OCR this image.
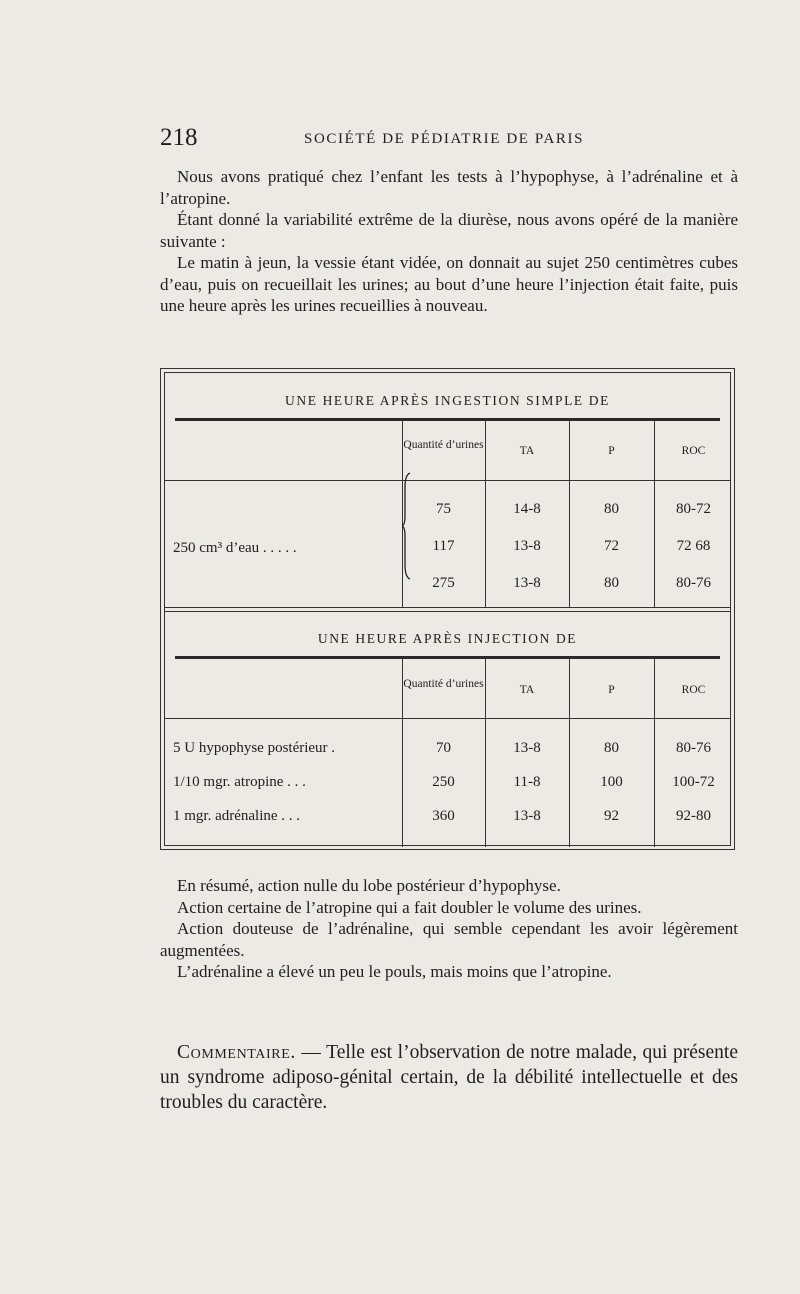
218	SOCIÉTÉ DE PÉDIATRIE DE PARIS

Nous avons pratiqué chez l’enfant les tests à l’hypophyse, à l’adrénaline et à l’atropine.

Étant donné la variabilité extrême de la diurèse, nous avons opéré de la manière suivante :

Le matin à jeun, la vessie étant vidée, on donnait au sujet 250 centimètres cubes d’eau, puis on recueillait les urines; au bout d’une heure l’injection était faite, puis une heure après les urines recueillies à nouveau.

UNE HEURE APRÈS INGESTION SIMPLE DE
Quantité d’urines	TA	P	ROC
250 cm³ d’eau . . . . .
75	14-8	80	80-72
117	13-8	72	72 68
275	13-8	80	80-76
UNE HEURE APRÈS INJECTION DE
Quantité d’urines	TA	P	ROC
5 U hypophyse postérieur .	70	13-8	80	80-76
1/10 mgr. atropine . . .	250	11-8	100	100-72
1 mgr. adrénaline . . .	360	13-8	92	92-80

En résumé, action nulle du lobe postérieur d’hypophyse.

Action certaine de l’atropine qui a fait doubler le volume des urines.

Action douteuse de l’adrénaline, qui semble cependant les avoir légèrement augmentées.

L’adrénaline a élevé un peu le pouls, mais moins que l’atropine.

Commentaire. — Telle est l’observation de notre malade, qui présente un syndrome adiposo-génital certain, de la débilité intellectuelle et des troubles du caractère.
